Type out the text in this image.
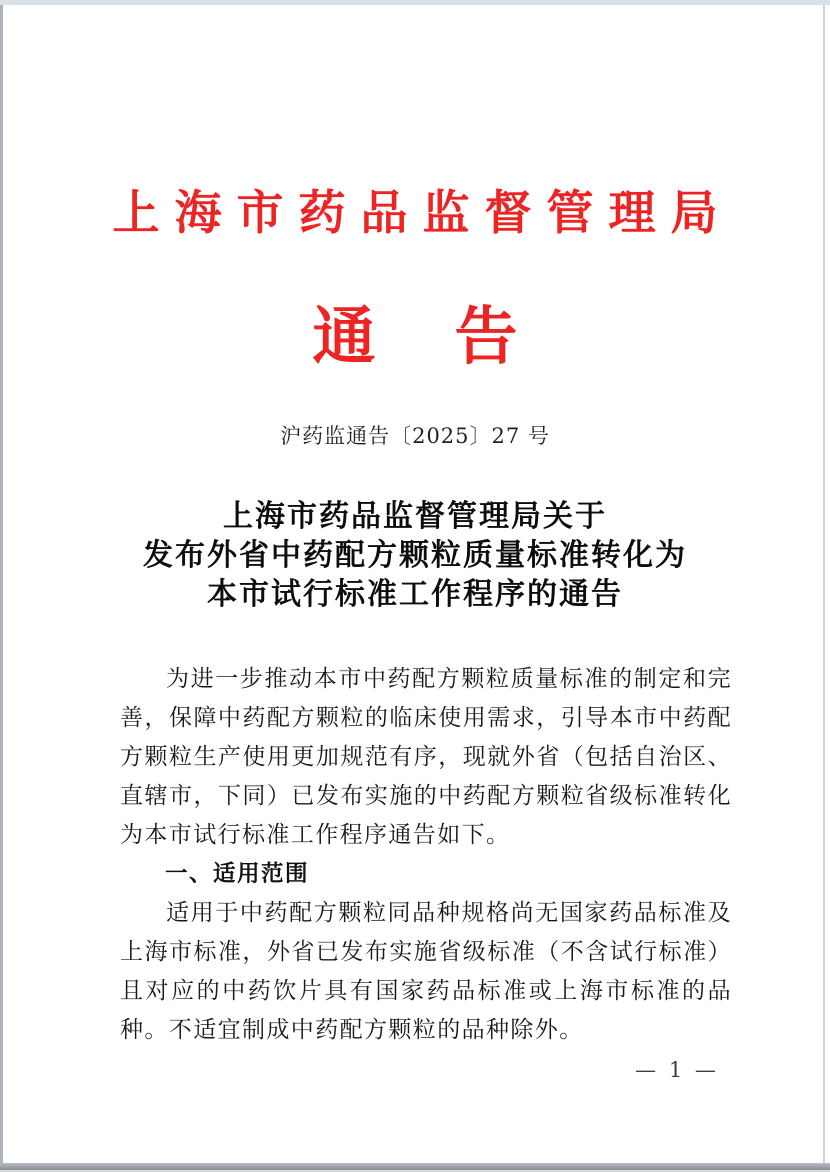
上海市药品监督管理局
通　告
沪药监通告〔2025〕27 号
上海市药品监督管理局关于
发布外省中药配方颗粒质量标准转化为
本市试行标准工作程序的通告

为进一步推动本市中药配方颗粒质量标准的制定和完善，保障中药配方颗粒的临床使用需求，引导本市中药配方颗粒生产使用更加规范有序，现就外省（包括自治区、直辖市，下同）已发布实施的中药配方颗粒省级标准转化为本市试行标准工作程序通告如下。

一、适用范围

适用于中药配方颗粒同品种规格尚无国家药品标准及上海市标准，外省已发布实施省级标准（不含试行标准）且对应的中药饮片具有国家药品标准或上海市标准的品种。不适宜制成中药配方颗粒的品种除外。

— 1 —
